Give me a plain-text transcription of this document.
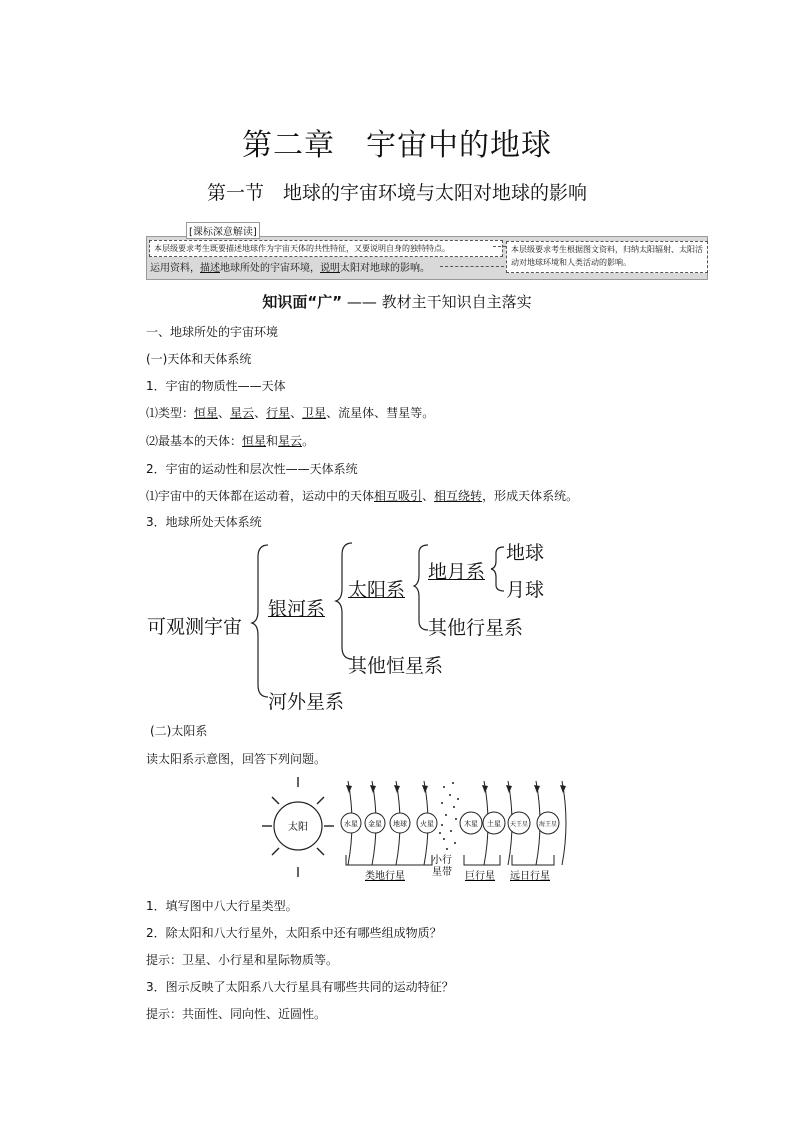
第二章　宇宙中的地球
第一节　地球的宇宙环境与太阳对地球的影响
[课标深意解读]
本层级要求考生既要描述地球作为宇宙天体的共性特征，又要说明自身的独特特点。
运用资料，描述地球所处的宇宙环境，说明太阳对地球的影响。
本层级要求考生根据图文资料，归纳太阳辐射、太阳活动对地球环境和人类活动的影响。
知识面“广” —— 教材主干知识自主落实
一、地球所处的宇宙环境
(一)天体和天体系统
1．宇宙的物质性——天体
⑴类型：恒星、星云、行星、卫星、流星体、彗星等。
⑵最基本的天体：恒星和星云。
2．宇宙的运动性和层次性——天体系统
⑴宇宙中的天体都在运动着，运动中的天体相互吸引、相互绕转，形成天体系统。
3．地球所处天体系统
可观测宇宙
银河系
河外星系
太阳系
其他恒星系
地月系
其他行星系
地球
月球
(二)太阳系
读太阳系示意图，回答下列问题。
太阳	水星 金星 地球 火星	木星 土星 天王星 海王星
小行
星带
类地行星	巨行星 远日行星
1．填写图中八大行星类型。
2．除太阳和八大行星外，太阳系中还有哪些组成物质？
提示：卫星、小行星和星际物质等。
3．图示反映了太阳系八大行星具有哪些共同的运动特征？
提示：共面性、同向性、近圆性。
